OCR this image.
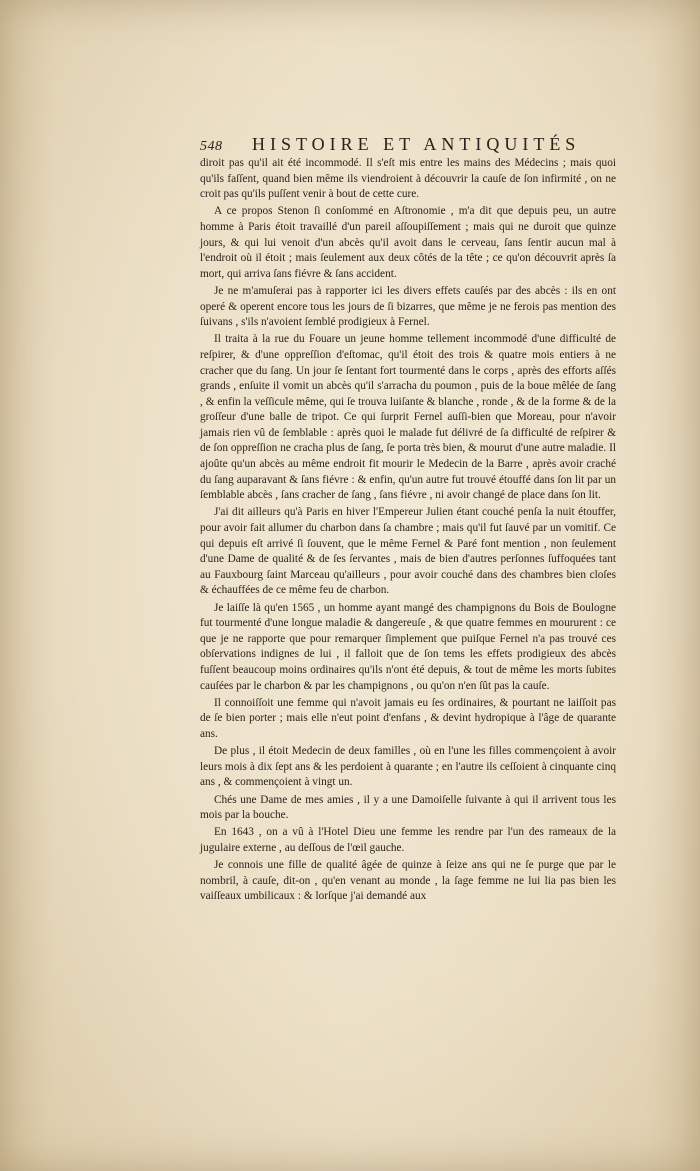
548 HISTOIRE ET ANTIQUITÉS

diroit pas qu'il ait été incommodé. Il s'eſt mis entre les mains des Médecins ; mais quoi qu'ils faſſent, quand bien même ils viendroient à découvrir la cauſe de ſon infirmité , on ne croit pas qu'ils puſſent venir à bout de cette cure.

A ce propos Stenon ſi conſommé en Aſtronomie , m'a dit que depuis peu, un autre homme à Paris étoit travaillé d'un pareil aſſoupiſſement ; mais qui ne duroit que quinze jours, & qui lui venoit d'un abcès qu'il avoit dans le cerveau, ſans ſentir aucun mal à l'endroit où il étoit ; mais ſeulement aux deux côtés de la tête ; ce qu'on découvrit après ſa mort, qui arriva ſans fiévre & ſans accident.

Je ne m'amuſerai pas à rapporter ici les divers effets cauſés par des abcès : ils en ont operé & operent encore tous les jours de ſi bizarres, que même je ne ferois pas mention des ſuivans , s'ils n'avoient ſemblé prodigieux à Fernel.

Il traita à la rue du Fouare un jeune homme tellement incommodé d'une difficulté de reſpirer, & d'une oppreſſion d'eſtomac, qu'il étoit des trois & quatre mois entiers à ne cracher que du ſang. Un jour ſe ſentant fort tourmenté dans le corps , après des efforts aſſés grands , enſuite il vomit un abcès qu'il s'arracha du poumon , puis de la boue mêlée de ſang , & enfin la veſſicule même, qui ſe trouva luiſante & blanche , ronde , & de la forme & de la groſſeur d'une balle de tripot. Ce qui ſurprit Fernel auſſi-bien que Moreau, pour n'avoir jamais rien vû de ſemblable : après quoi le malade fut délivré de ſa difficulté de reſpirer & de ſon oppreſſion ne cracha plus de ſang, ſe porta très bien, & mourut d'une autre maladie. Il ajoûte qu'un abcès au même endroit fit mourir le Medecin de la Barre , après avoir craché du ſang auparavant & ſans fiévre : & enfin, qu'un autre fut trouvé étouffé dans ſon lit par un ſemblable abcès , ſans cracher de ſang , ſans fiévre , ni avoir changé de place dans ſon lit.

J'ai dit ailleurs qu'à Paris en hiver l'Empereur Julien étant couché penſa la nuit étouffer, pour avoir fait allumer du charbon dans ſa chambre ; mais qu'il fut ſauvé par un vomitif. Ce qui depuis eſt arrivé ſi ſouvent, que le même Fernel & Paré font mention , non ſeulement d'une Dame de qualité & de ſes ſervantes , mais de bien d'autres perſonnes ſuffoquées tant au Fauxbourg ſaint Marceau qu'ailleurs , pour avoir couché dans des chambres bien cloſes & échauffées de ce même feu de charbon.

Je laiſſe là qu'en 1565 , un homme ayant mangé des champignons du Bois de Boulogne fut tourmenté d'une longue maladie & dangereuſe , & que quatre femmes en moururent : ce que je ne rapporte que pour remarquer ſimplement que puiſque Fernel n'a pas trouvé ces obſervations indignes de lui , il falloit que de ſon tems les effets prodigieux des abcès fuſſent beaucoup moins ordinaires qu'ils n'ont été depuis, & tout de même les morts ſubites cauſées par le charbon & par les champignons , ou qu'on n'en ſût pas la cauſe.

Il connoiſſoit une femme qui n'avoit jamais eu ſes ordinaires, & pourtant ne laiſſoit pas de ſe bien porter ; mais elle n'eut point d'enfans , & devint hydropique à l'âge de quarante ans.

De plus , il étoit Medecin de deux familles , où en l'une les filles commençoient à avoir leurs mois à dix ſept ans & les perdoient à quarante ; en l'autre ils ceſſoient à cinquante cinq ans , & commençoient à vingt un.

Chés une Dame de mes amies , il y a une Damoiſelle ſuivante à qui il arrivent tous les mois par la bouche.

En 1643 , on a vû à l'Hotel Dieu une femme les rendre par l'un des rameaux de la jugulaire externe , au deſſous de l'œil gauche.

Je connois une fille de qualité âgée de quinze à ſeize ans qui ne ſe purge que par le nombril, à cauſe, dit-on , qu'en venant au monde , la ſage femme ne lui lia pas bien les vaiſſeaux umbilicaux : & lorſque j'ai demandé aux
